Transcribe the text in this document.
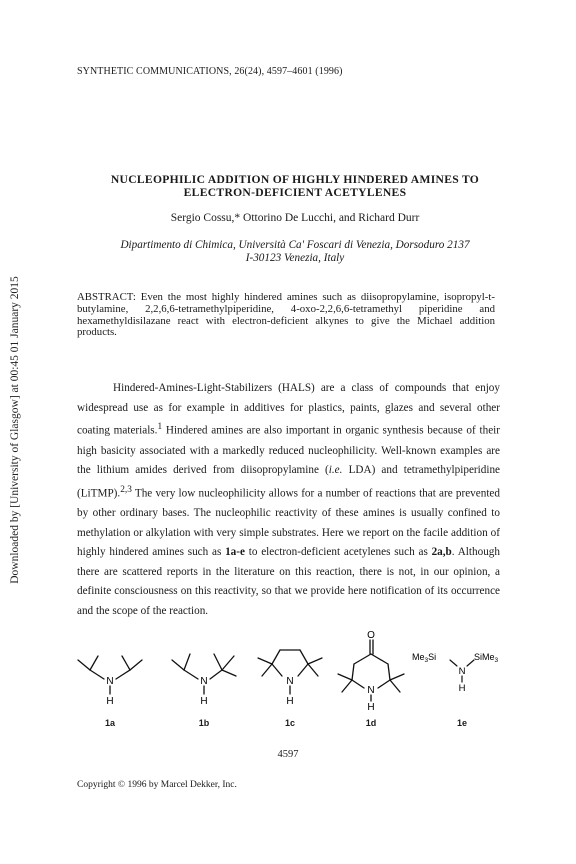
Downloaded by [University of Glasgow] at 00:45 01 January 2015
SYNTHETIC COMMUNICATIONS, 26(24), 4597–4601 (1996)
NUCLEOPHILIC ADDITION OF HIGHLY HINDERED AMINES TO
ELECTRON-DEFICIENT ACETYLENES
Sergio Cossu,* Ottorino De Lucchi, and Richard Durr
Dipartimento di Chimica, Università Ca' Foscari di Venezia, Dorsoduro 2137
I-30123 Venezia, Italy
ABSTRACT: Even the most highly hindered amines such as diisopropylamine, isopropyl-t-butylamine, 2,2,6,6-tetramethylpiperidine, 4-oxo-2,2,6,6-tetramethyl piperidine and hexamethyldisilazane react with electron-deficient alkynes to give the Michael addition products.

Hindered-Amines-Light-Stabilizers (HALS) are a class of compounds that enjoy widespread use as for example in additives for plastics, paints, glazes and several other coating materials.$^1$ Hindered amines are also important in organic synthesis because of their high basicity associated with a markedly reduced nucleophilicity. Well-known examples are the lithium amides derived from diisopropylamine (i.e. LDA) and tetramethylpiperidine (LiTMP).$^{2,3}$ The very low nucleophilicity allows for a number of reactions that are prevented by other ordinary bases. The nucleophilic reactivity of these amines is usually confined to methylation or alkylation with very simple substrates. Here we report on the facile addition of highly hindered amines such as 1a-e to electron-deficient acetylenes such as 2a,b. Although there are scattered reports in the literature on this reaction, there is not, in our opinion, a definite consciousness on this reactivity, so that we provide here notification of its occurrence and the scope of the reaction.

N
H
N
H
N
H
O
N
H
$Me_3Si$	SiMe$_3$
N
H
1a	1b	1c	1d	1e
4597
Copyright © 1996 by Marcel Dekker, Inc.
